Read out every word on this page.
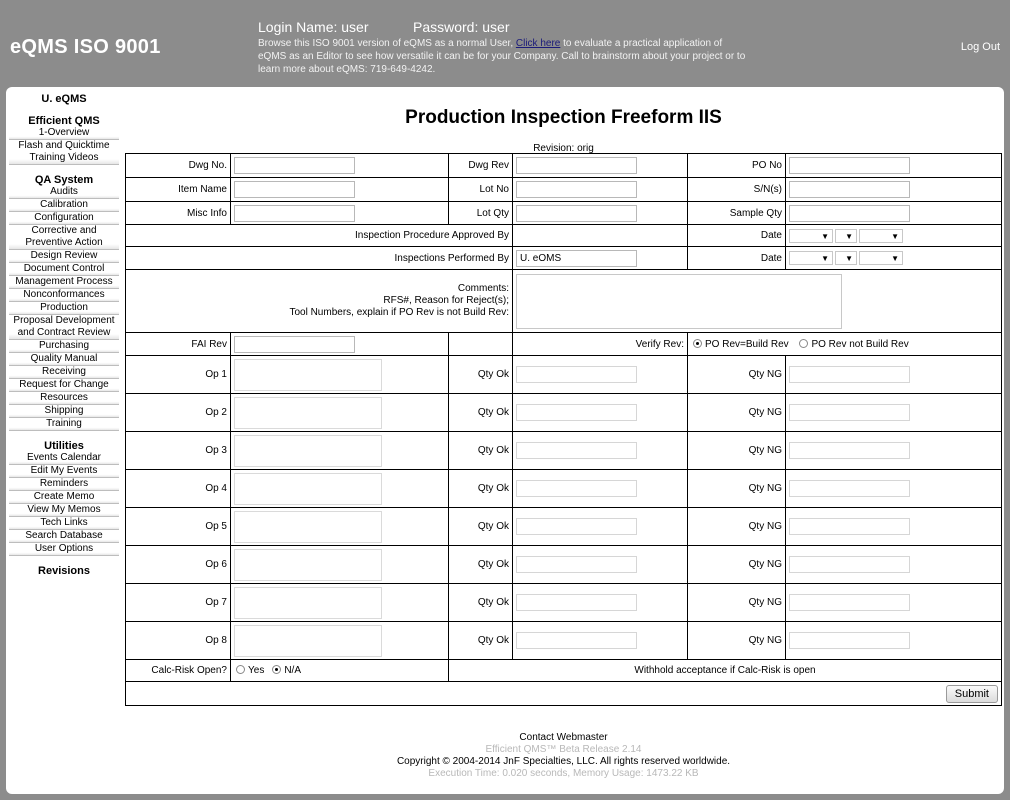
eQMS ISO 9001
Login Name: user	Password: user
Browse this ISO 9001 version of eQMS as a normal User, Click here to evaluate a practical application of eQMS as an Editor to see how versatile it can be for your Company. Call to brainstorm about your project or to learn more about eQMS: 719-649-4242.
Log Out
U. eQMS
Efficient QMS
1-Overview
Flash and Quicktime Training Videos
QA System
Audits
Calibration
Configuration
Corrective and Preventive Action
Design Review
Document Control
Management Process
Nonconformances
Production
Proposal Development and Contract Review
Purchasing
Quality Manual
Receiving
Request for Change
Resources
Shipping
Training
Utilities
Events Calendar
Edit My Events
Reminders
Create Memo
View My Memos
Tech Links
Search Database
User Options
Revisions
Production Inspection Freeform IIS
Revision: orig
Dwg No.		Dwg Rev		PO No	
Item Name		Lot No		S/N(s)	
Misc Info		Lot Qty		Sample Qty	
Inspection Procedure Approved By				Date	▼ ▼ ▼

Inspections Performed By	U. eOMS			Date	▼ ▼ ▼

Comments:
RFS#, Reason for Reject(s);
Tool Numbers, explain if PO Rev is not Build Rev:

FAI Rev			Verify Rev:	PO Rev=Build Rev PO Rev not Build Rev	
Op 1		Qty Ok		Qty NG	
Op 2		Qty Ok		Qty NG	
Op 3		Qty Ok		Qty NG	
Op 4		Qty Ok		Qty NG	
Op 5		Qty Ok		Qty NG	
Op 6		Qty Ok		Qty NG	
Op 7		Qty Ok		Qty NG	
Op 8		Qty Ok		Qty NG	
Calc-Risk Open?	Yes N/A	Withhold acceptance if Calc-Risk is open			

Submit					
Contact Webmaster
Efficient QMS™ Beta Release 2.14
Copyright © 2004-2014 JnF Specialties, LLC. All rights reserved worldwide.
Execution Time: 0.020 seconds, Memory Usage: 1473.22 KB
